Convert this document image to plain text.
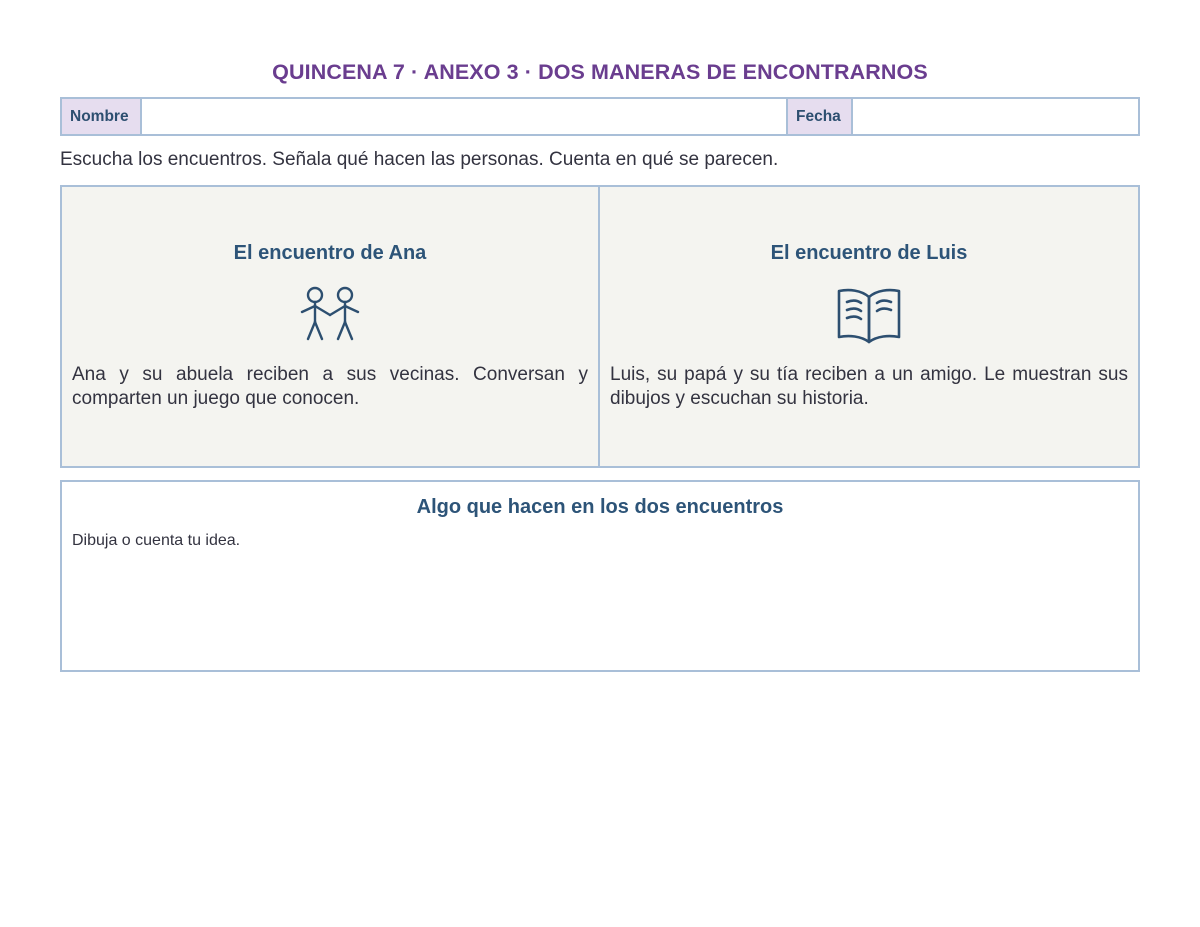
QUINCENA 7 · ANEXO 3 · DOS MANERAS DE ENCONTRARNOS
Nombre	Fecha
Escucha los encuentros. Señala qué hacen las personas. Cuenta en qué se parecen.
El encuentro de Ana
Ana y su abuela reciben a sus vecinas. Conversan y comparten un juego que conocen.
El encuentro de Luis
Luis, su papá y su tía reciben a un amigo. Le muestran sus dibujos y escuchan su historia.
Algo que hacen en los dos encuentros
Dibuja o cuenta tu idea.
